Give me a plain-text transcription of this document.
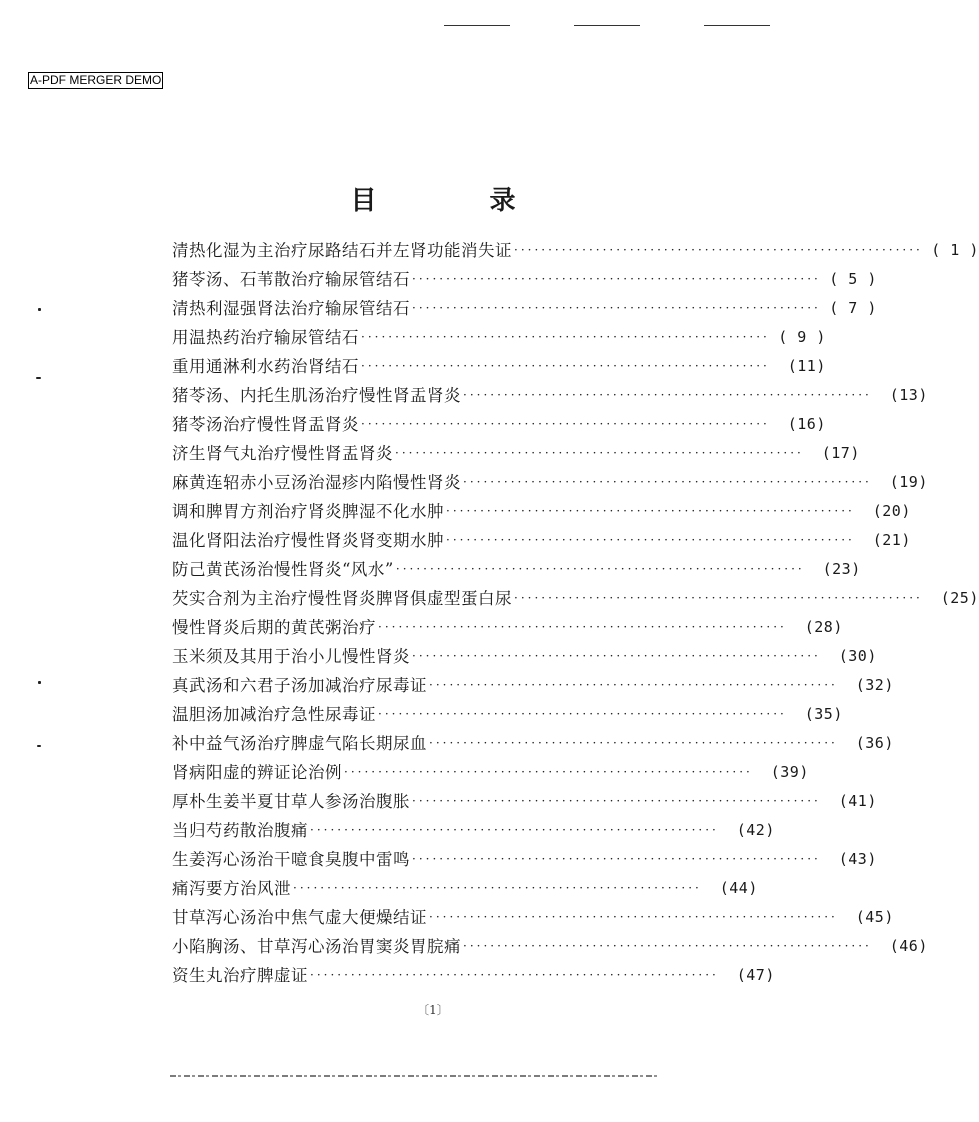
A-PDF MERGER DEMO
目 录
清热化湿为主治疗尿路结石并左肾功能消失证 ···························································· ( 1 )
猪苓汤、石苇散治疗输尿管结石 ···························································· ( 5 )
清热利湿强肾法治疗输尿管结石 ···························································· ( 7 )
用温热药治疗输尿管结石 ···························································· ( 9 )
重用通淋利水药治肾结石 ····························································	(11)
猪苓汤、内托生肌汤治疗慢性肾盂肾炎 ····························································	(13)
猪苓汤治疗慢性肾盂肾炎 ····························································	(16)
济生肾气丸治疗慢性肾盂肾炎 ····························································	(17)
麻黄连轺赤小豆汤治湿疹内陷慢性肾炎 ····························································	(19)
调和脾胃方剂治疗肾炎脾湿不化水肿 ····························································	(20)
温化肾阳法治疗慢性肾炎肾变期水肿 ····························································	(21)
防己黄芪汤治慢性肾炎“风水” ····························································	(23)
芡实合剂为主治疗慢性肾炎脾肾俱虚型蛋白尿 ····························································	(25)
慢性肾炎后期的黄芪粥治疗 ····························································	(28)
玉米须及其用于治小儿慢性肾炎 ····························································	(30)
真武汤和六君子汤加减治疗尿毒证 ····························································	(32)
温胆汤加减治疗急性尿毒证 ····························································	(35)
补中益气汤治疗脾虚气陷长期尿血 ····························································	(36)
肾病阳虚的辨证论治例 ····························································	(39)
厚朴生姜半夏甘草人参汤治腹胀 ····························································	(41)
当归芍药散治腹痛 ····························································	(42)
生姜泻心汤治干噫食臭腹中雷鸣 ····························································	(43)
痛泻要方治风泄 ····························································	(44)
甘草泻心汤治中焦气虚大便燥结证 ····························································	(45)
小陷胸汤、甘草泻心汤治胃窦炎胃脘痛 ····························································	(46)
资生丸治疗脾虚证 ····························································	(47)
〔1〕
